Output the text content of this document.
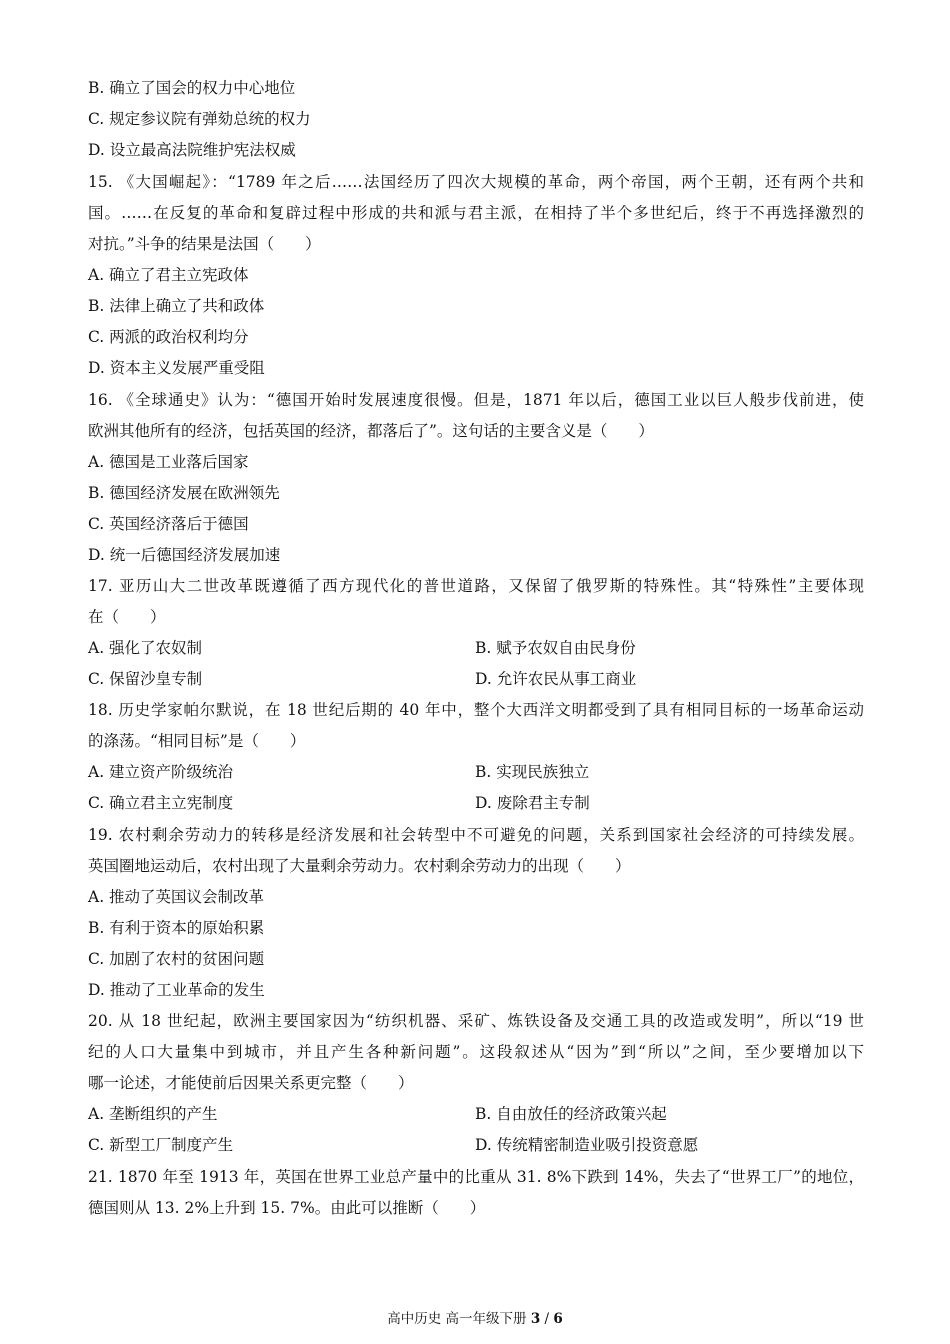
B. 确立了国会的权力中心地位
C. 规定参议院有弹劾总统的权力
D. 设立最高法院维护宪法权威
15. 《大国崛起》：“1789 年之后……法国经历了四次大规模的革命，两个帝国，两个王朝，还有两个共和
国。……在反复的革命和复辟过程中形成的共和派与君主派，在相持了半个多世纪后，终于不再选择激烈的
对抗。”斗争的结果是法国（　　）
A. 确立了君主立宪政体
B. 法律上确立了共和政体
C. 两派的政治权利均分
D. 资本主义发展严重受阻
16. 《全球通史》认为：“德国开始时发展速度很慢。但是，1871 年以后，德国工业以巨人般步伐前进，使
欧洲其他所有的经济，包括英国的经济，都落后了”。这句话的主要含义是（　　）
A. 德国是工业落后国家
B. 德国经济发展在欧洲领先
C. 英国经济落后于德国
D. 统一后德国经济发展加速
17. 亚历山大二世改革既遵循了西方现代化的普世道路，又保留了俄罗斯的特殊性。其“特殊性”主要体现
在（　　）
A. 强化了农奴制	B. 赋予农奴自由民身份
C. 保留沙皇专制	D. 允许农民从事工商业
18. 历史学家帕尔默说，在 18 世纪后期的 40 年中，整个大西洋文明都受到了具有相同目标的一场革命运动
的涤荡。“相同目标”是（　　）
A. 建立资产阶级统治	B. 实现民族独立
C. 确立君主立宪制度	D. 废除君主专制
19. 农村剩余劳动力的转移是经济发展和社会转型中不可避免的问题，关系到国家社会经济的可持续发展。
英国圈地运动后，农村出现了大量剩余劳动力。农村剩余劳动力的出现（　　）
A. 推动了英国议会制改革
B. 有利于资本的原始积累
C. 加剧了农村的贫困问题
D. 推动了工业革命的发生
20. 从 18 世纪起，欧洲主要国家因为“纺织机器、采矿、炼铁设备及交通工具的改造或发明”，所以“19 世
纪的人口大量集中到城市，并且产生各种新问题”。这段叙述从“因为”到“所以”之间，至少要增加以下
哪一论述，才能使前后因果关系更完整（　　）
A. 垄断组织的产生	B. 自由放任的经济政策兴起
C. 新型工厂制度产生	D. 传统精密制造业吸引投资意愿
21. 1870 年至 1913 年，英国在世界工业总产量中的比重从 31. 8%下跌到 14%，失去了“世界工厂”的地位，
德国则从 13. 2%上升到 15. 7%。由此可以推断（　　）
高中历史 高一年级下册 3 / 6
